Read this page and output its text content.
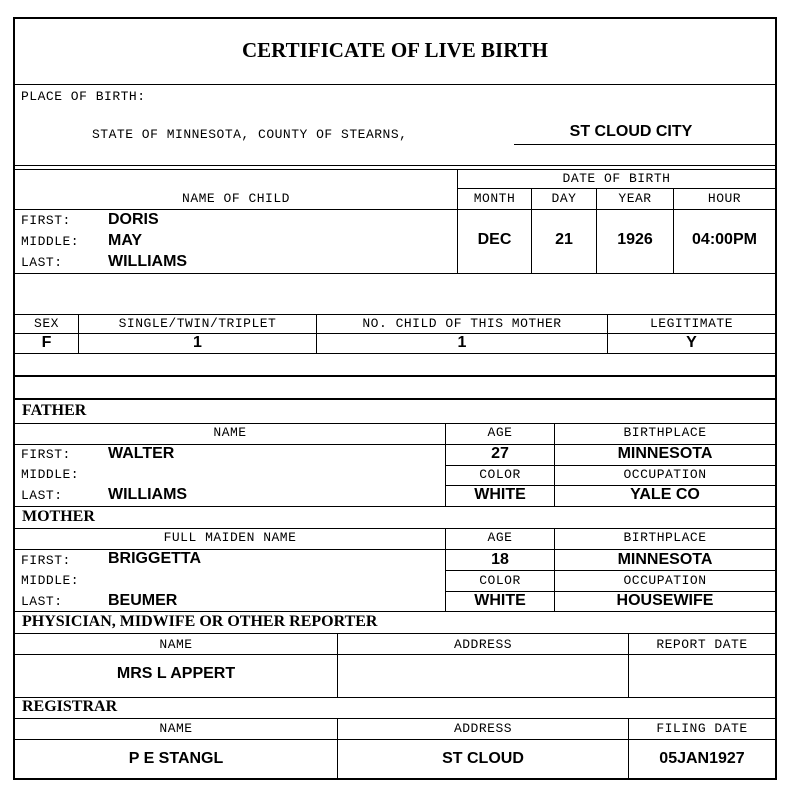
CERTIFICATE OF LIVE BIRTH
PLACE OF BIRTH:
STATE OF MINNESOTA, COUNTY OF STEARNS,	ST CLOUD CITY
DATE OF BIRTH
NAME OF CHILD	MONTH	DAY	YEAR	HOUR
FIRST: DORIS
MIDDLE: MAY
LAST:	WILLIAMS
DEC	21	1926	04:00PM
SEX	SINGLE/TWIN/TRIPLET	NO. CHILD OF THIS MOTHER	LEGITIMATE
F	1	1	Y
FATHER
NAME	AGE	BIRTHPLACE
FIRST: WALTER
MIDDLE:
LAST:	WILLIAMS
27	MINNESOTA
COLOR	OCCUPATION
WHITE	YALE CO
MOTHER
FULL MAIDEN NAME	AGE	BIRTHPLACE
FIRST: BRIGGETTA
MIDDLE:
LAST:	BEUMER
18	MINNESOTA
COLOR	OCCUPATION
WHITE	HOUSEWIFE
PHYSICIAN, MIDWIFE OR OTHER REPORTER
NAME	ADDRESS	REPORT DATE
MRS L APPERT
REGISTRAR
NAME	ADDRESS	FILING DATE
P E STANGL	ST CLOUD	05JAN1927
